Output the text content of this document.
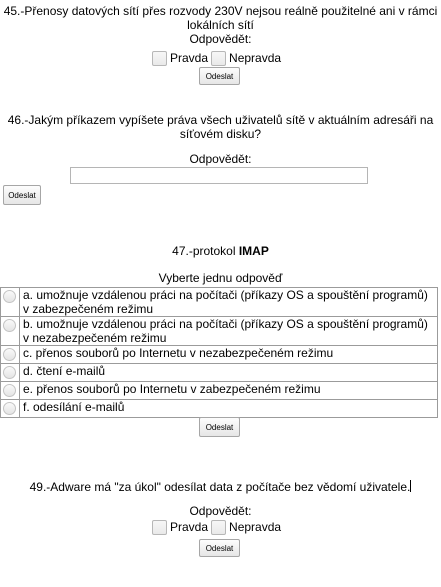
45.-Přenosy datových sítí přes rozvody 230V nejsou reálně použitelné ani v rámci
lokálních sítí
Odpovědět:
Pravda Nepravda
Odeslat
46.-Jakým příkazem vypíšete práva všech uživatelů sítě v aktuálním adresáři na
síťovém disku?
Odpovědět:
Odeslat
47.-protokol IMAP
Vyberte jednu odpověď

	a. umožnuje vzdálenou práci na počítači (příkazy OS a spouštění programů)
v zabezpečeném režimu

	b. umožnuje vzdálenou práci na počítači (příkazy OS a spouštění programů)
v nezabezpečeném režimu

	c. přenos souborů po Internetu v nezabezpečeném režimu

	d. čtení e-mailů

	e. přenos souborů po Internetu v zabezpečeném režimu

	f. odesílání e-mailů
Odeslat
49.-Adware má "za úkol" odesílat data z počítače bez vědomí uživatele.
Odpovědět:
Pravda Nepravda
Odeslat
